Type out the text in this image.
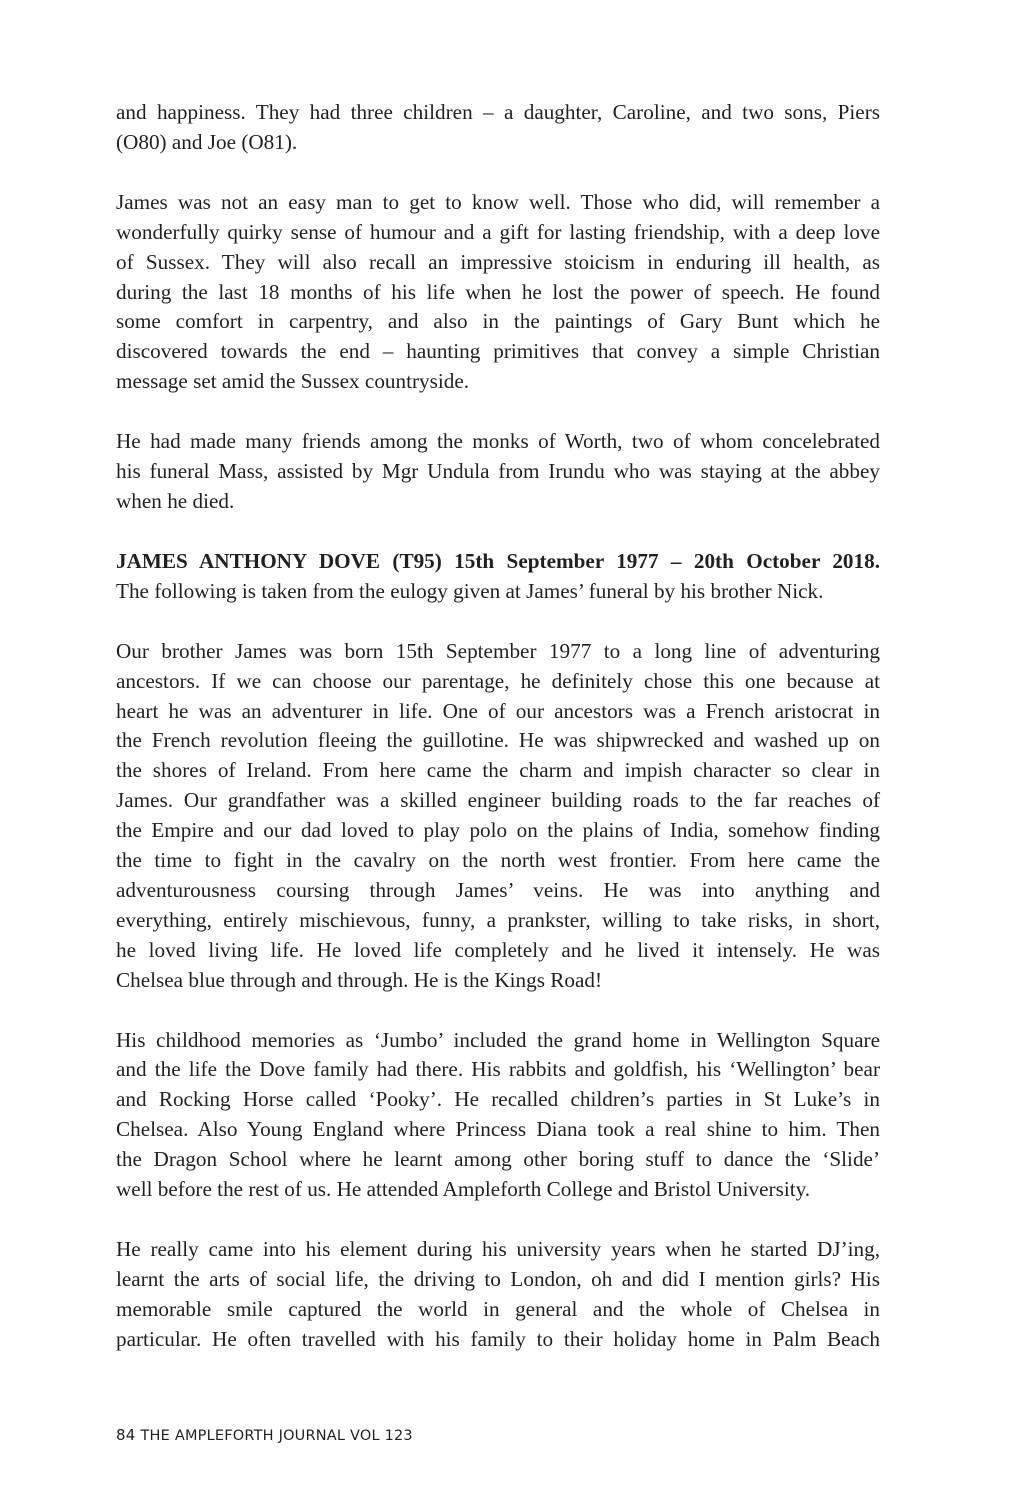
and happiness. They had three children – a daughter, Caroline, and two sons, Piers
(O80) and Joe (O81).
James was not an easy man to get to know well. Those who did, will remember a
wonderfully quirky sense of humour and a gift for lasting friendship, with a deep love
of Sussex. They will also recall an impressive stoicism in enduring ill health, as
during the last 18 months of his life when he lost the power of speech. He found
some comfort in carpentry, and also in the paintings of Gary Bunt which he
discovered towards the end – haunting primitives that convey a simple Christian
message set amid the Sussex countryside.
He had made many friends among the monks of Worth, two of whom concelebrated
his funeral Mass, assisted by Mgr Undula from Irundu who was staying at the abbey
when he died.
JAMES ANTHONY DOVE (T95) 15th September 1977 – 20th October 2018.
The following is taken from the eulogy given at James’ funeral by his brother Nick.
Our brother James was born 15th September 1977 to a long line of adventuring
ancestors. If we can choose our parentage, he definitely chose this one because at
heart he was an adventurer in life. One of our ancestors was a French aristocrat in
the French revolution fleeing the guillotine. He was shipwrecked and washed up on
the shores of Ireland. From here came the charm and impish character so clear in
James. Our grandfather was a skilled engineer building roads to the far reaches of
the Empire and our dad loved to play polo on the plains of India, somehow finding
the time to fight in the cavalry on the north west frontier. From here came the
adventurousness coursing through James’ veins. He was into anything and
everything, entirely mischievous, funny, a prankster, willing to take risks, in short,
he loved living life. He loved life completely and he lived it intensely. He was
Chelsea blue through and through. He is the Kings Road!
His childhood memories as ‘Jumbo’ included the grand home in Wellington Square
and the life the Dove family had there. His rabbits and goldfish, his ‘Wellington’ bear
and Rocking Horse called ‘Pooky’. He recalled children’s parties in St Luke’s in
Chelsea. Also Young England where Princess Diana took a real shine to him. Then
the Dragon School where he learnt among other boring stuff to dance the ‘Slide’
well before the rest of us. He attended Ampleforth College and Bristol University.
He really came into his element during his university years when he started DJ’ing,
learnt the arts of social life, the driving to London, oh and did I mention girls? His
memorable smile captured the world in general and the whole of Chelsea in
particular. He often travelled with his family to their holiday home in Palm Beach
84 THE AMPLEFORTH JOURNAL VOL 123
